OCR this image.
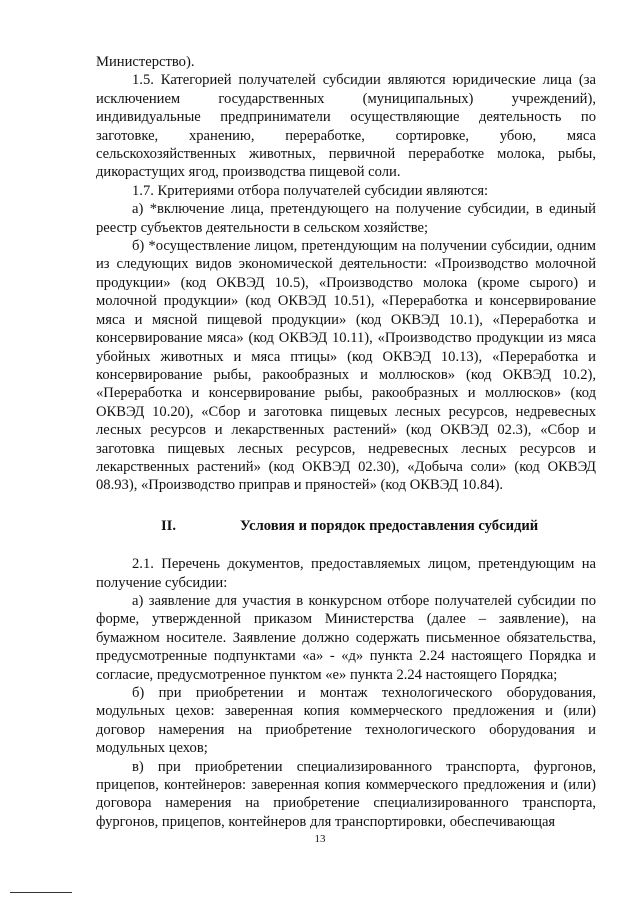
Министерство).

1.5. Категорией получателей субсидии являются юридические лица (за исключением государственных (муниципальных) учреждений), индивидуальные предприниматели осуществляющие деятельность по заготовке, хранению, переработке, сортировке, убою, мяса сельскохозяйственных животных, первичной переработке молока, рыбы, дикорастущих ягод, производства пищевой соли.

1.7. Критериями отбора получателей субсидии являются:

а) *включение лица, претендующего на получение субсидии, в единый реестр субъектов деятельности в сельском хозяйстве;

б) *осуществление лицом, претендующим на получении субсидии, одним из следующих видов экономической деятельности: «Производство молочной продукции» (код ОКВЭД 10.5), «Производство молока (кроме сырого) и молочной продукции» (код ОКВЭД 10.51), «Переработка и консервирование мяса и мясной пищевой продукции» (код ОКВЭД 10.1), «Переработка и консервирование мяса» (код ОКВЭД 10.11), «Производство продукции из мяса убойных животных и мяса птицы» (код ОКВЭД 10.13), «Переработка и консервирование рыбы, ракообразных и моллюсков» (код ОКВЭД 10.2), «Переработка и консервирование рыбы, ракообразных и моллюсков» (код ОКВЭД 10.20), «Сбор и заготовка пищевых лесных ресурсов, недревесных лесных ресурсов и лекарственных растений» (код ОКВЭД 02.3), «Сбор и заготовка пищевых лесных ресурсов, недревесных лесных ресурсов и лекарственных растений» (код ОКВЭД 02.30), «Добыча соли» (код ОКВЭД 08.93), «Производство приправ и пряностей» (код ОКВЭД 10.84).

II.	Условия и порядок предоставления субсидий

2.1. Перечень документов, предоставляемых лицом, претендующим на получение субсидии:

а) заявление для участия в конкурсном отборе получателей субсидии по форме, утвержденной приказом Министерства (далее – заявление), на бумажном носителе. Заявление должно содержать письменное обязательства, предусмотренные подпунктами «а» - «д» пункта 2.24 настоящего Порядка и согласие, предусмотренное пунктом «е» пункта 2.24 настоящего Порядка;

б) при приобретении и монтаж технологического оборудования, модульных цехов: заверенная копия коммерческого предложения и (или) договор намерения на приобретение технологического оборудования и модульных цехов;

в) при приобретении специализированного транспорта, фургонов, прицепов, контейнеров: заверенная копия коммерческого предложения и (или) договора намерения на приобретение специализированного транспорта, фургонов, прицепов, контейнеров для транспортировки, обеспечивающая

13
